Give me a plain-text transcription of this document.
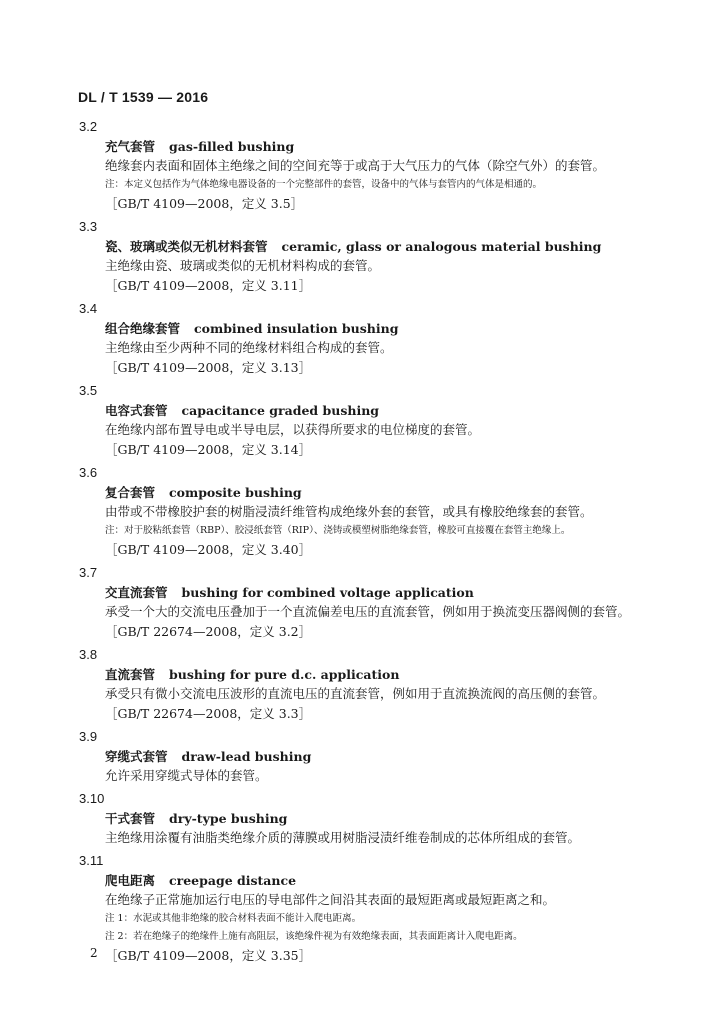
DL / T 1539 — 2016
3.2
充气套管 gas-filled bushing
绝缘套内表面和固体主绝缘之间的空间充等于或高于大气压力的气体（除空气外）的套管。
注：本定义包括作为气体绝缘电器设备的一个完整部件的套管，设备中的气体与套管内的气体是相通的。
［GB/T 4109—2008，定义 3.5］
3.3
瓷、玻璃或类似无机材料套管 ceramic, glass or analogous material bushing
主绝缘由瓷、玻璃或类似的无机材料构成的套管。
［GB/T 4109—2008，定义 3.11］
3.4
组合绝缘套管 combined insulation bushing
主绝缘由至少两种不同的绝缘材料组合构成的套管。
［GB/T 4109—2008，定义 3.13］
3.5
电容式套管 capacitance graded bushing
在绝缘内部布置导电或半导电层，以获得所要求的电位梯度的套管。
［GB/T 4109—2008，定义 3.14］
3.6
复合套管 composite bushing
由带或不带橡胶护套的树脂浸渍纤维管构成绝缘外套的套管，或具有橡胶绝缘套的套管。
注：对于胶粘纸套管（RBP）、胶浸纸套管（RIP）、浇铸或模塑树脂绝缘套管，橡胶可直接覆在套管主绝缘上。
［GB/T 4109—2008，定义 3.40］
3.7
交直流套管 bushing for combined voltage application
承受一个大的交流电压叠加于一个直流偏差电压的直流套管，例如用于换流变压器阀侧的套管。
［GB/T 22674—2008，定义 3.2］
3.8
直流套管 bushing for pure d.c. application
承受只有微小交流电压波形的直流电压的直流套管，例如用于直流换流阀的高压侧的套管。
［GB/T 22674—2008，定义 3.3］
3.9
穿缆式套管 draw-lead bushing
允许采用穿缆式导体的套管。
3.10
干式套管 dry-type bushing
主绝缘用涂覆有油脂类绝缘介质的薄膜或用树脂浸渍纤维卷制成的芯体所组成的套管。
3.11
爬电距离 creepage distance
在绝缘子正常施加运行电压的导电部件之间沿其表面的最短距离或最短距离之和。
注 1：水泥或其他非绝缘的胶合材料表面不能计入爬电距离。
注 2：若在绝缘子的绝缘件上施有高阻层，该绝缘件视为有效绝缘表面，其表面距离计入爬电距离。
［GB/T 4109—2008，定义 3.35］
2
